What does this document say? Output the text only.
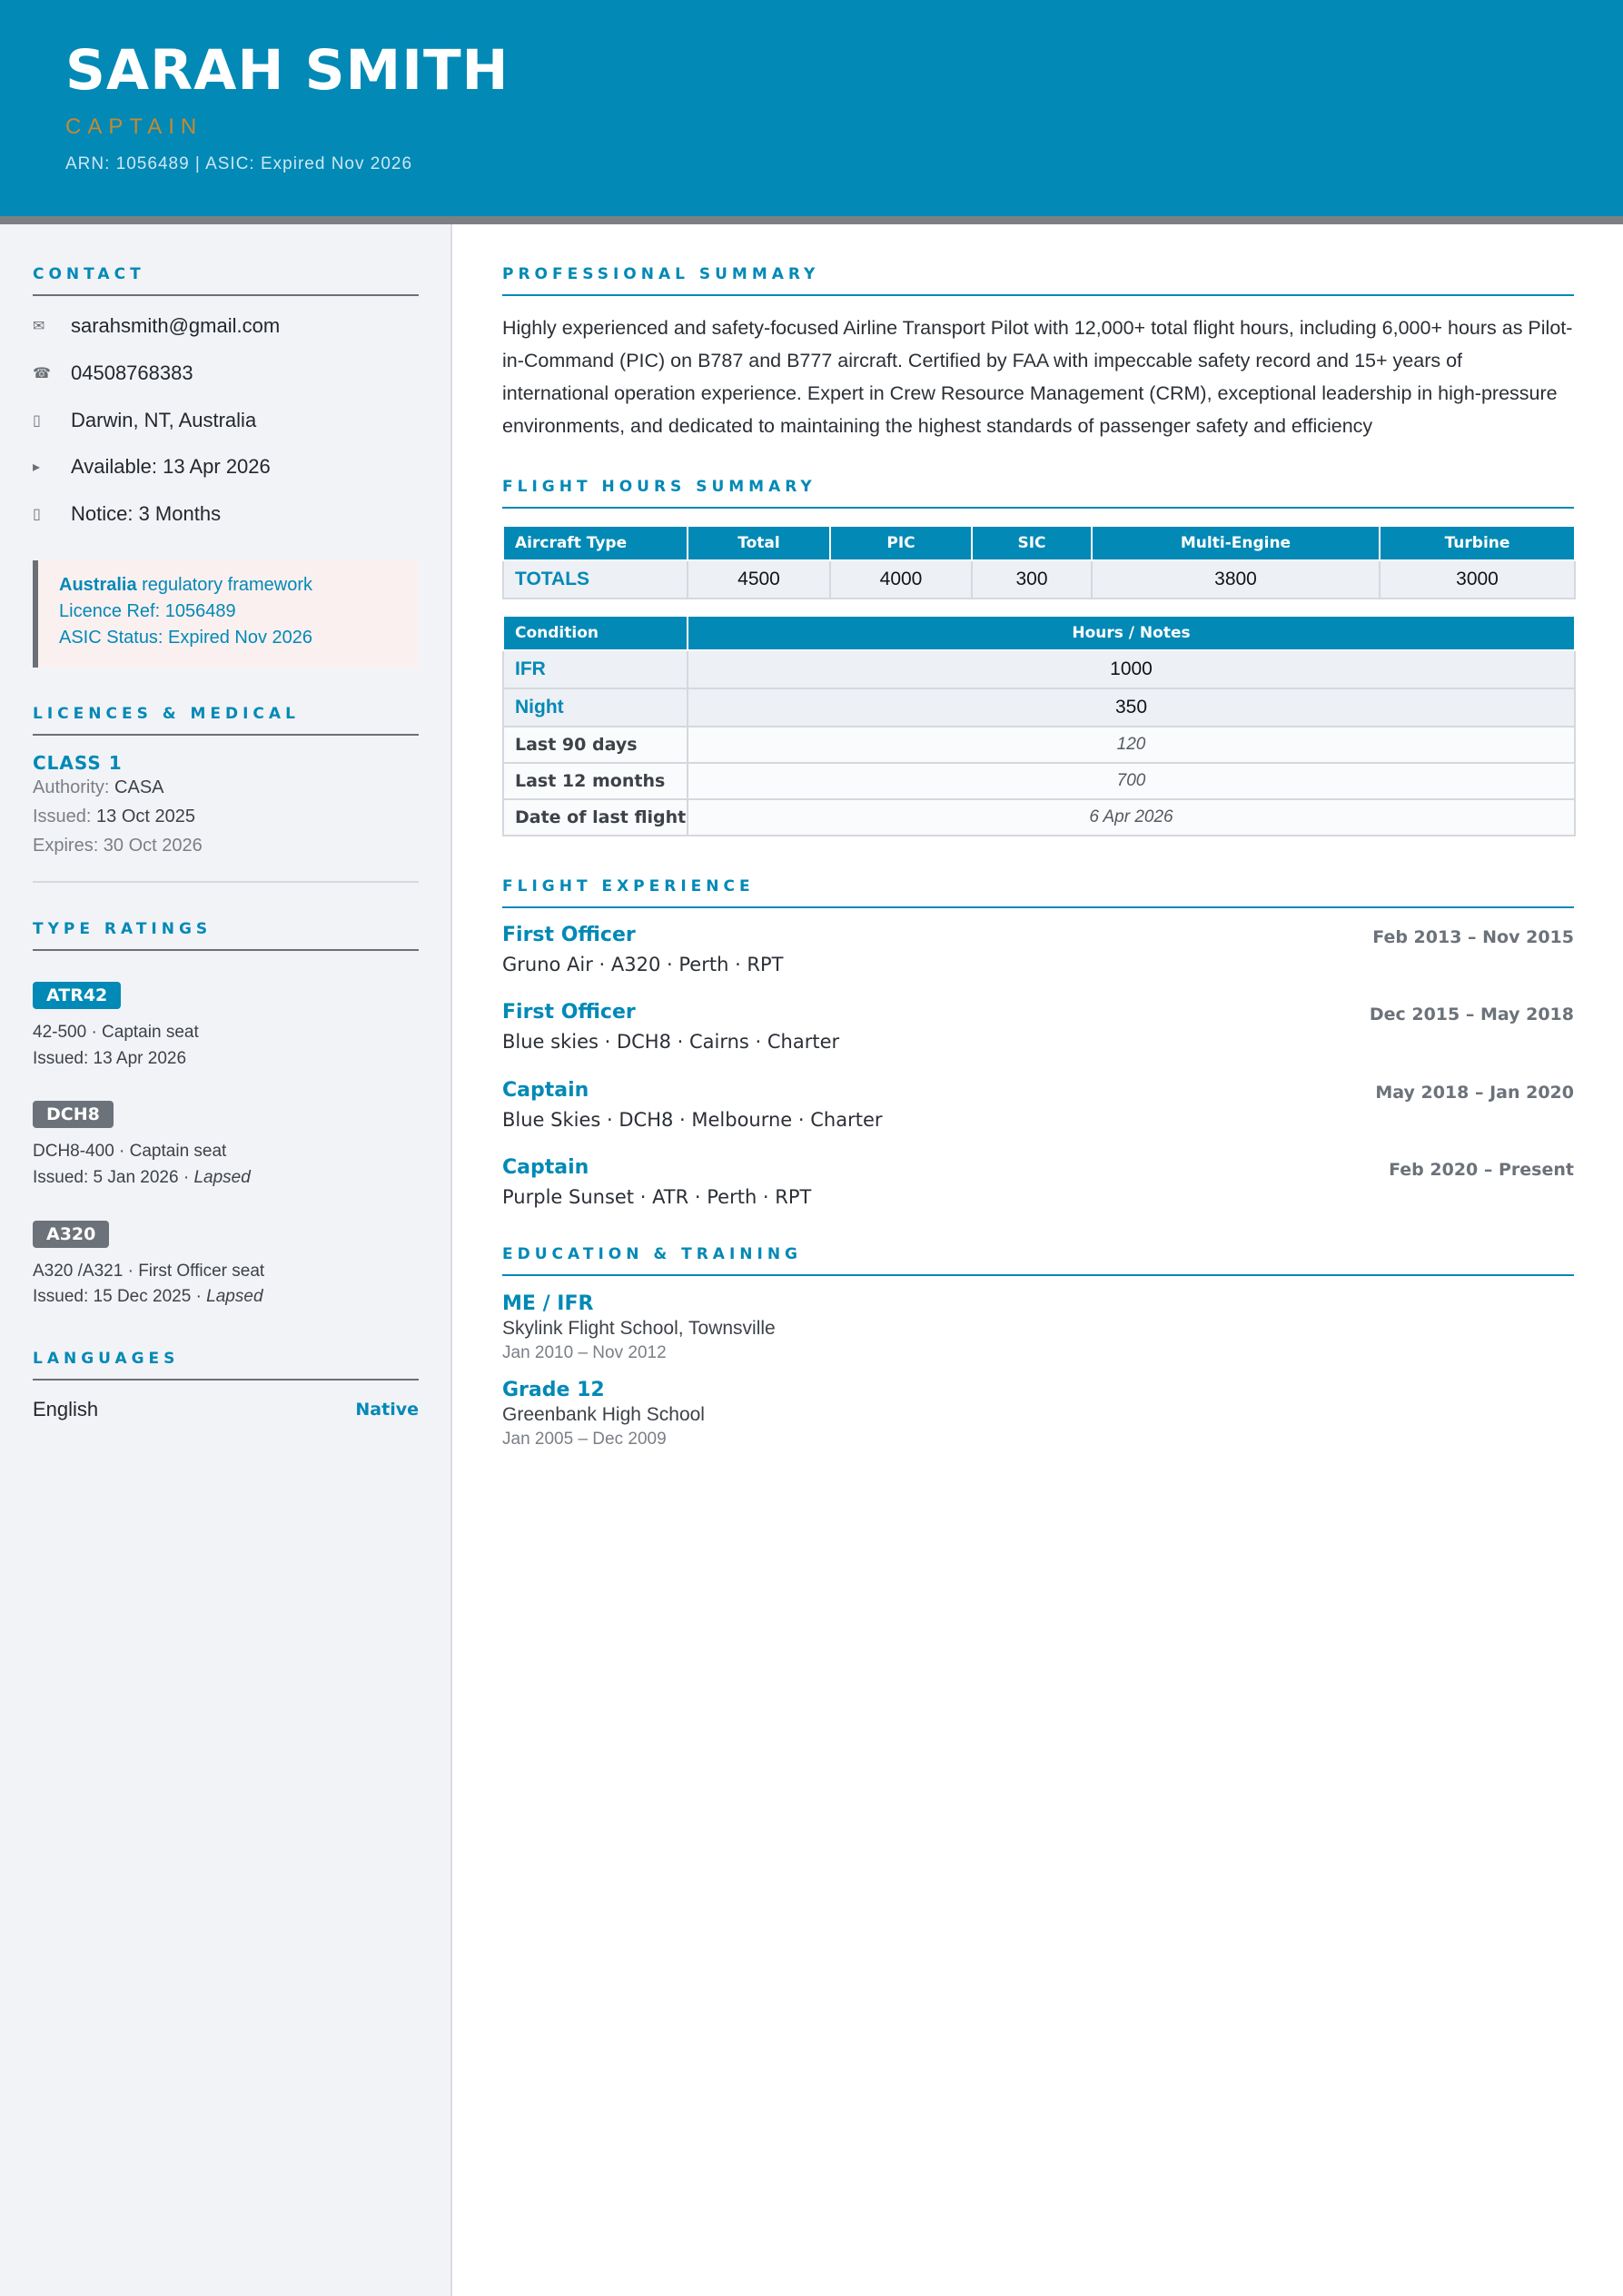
SARAH SMITH
CAPTAIN
ARN: 1056489 | ASIC: Expired Nov 2026
CONTACT
✉	sarahsmith@gmail.com
☎	04508768383
▯	Darwin, NT, Australia
▸	Available: 13 Apr 2026
▯	Notice: 3 Months
Australia regulatory framework
Licence Ref: 1056489
ASIC Status: Expired Nov 2026
LICENCES & MEDICAL
CLASS 1
Authority: CASA
Issued: 13 Oct 2025
Expires: 30 Oct 2026
TYPE RATINGS
ATR42
42-500 · Captain seat
Issued: 13 Apr 2026
DCH8
DCH8-400 · Captain seat
Issued: 5 Jan 2026 · Lapsed
A320
A320 /A321 · First Officer seat
Issued: 15 Dec 2025 · Lapsed
LANGUAGES
English	Native
PROFESSIONAL SUMMARY
Highly experienced and safety-focused Airline Transport Pilot with 12,000+ total flight hours, including 6,000+ hours as Pilot-in-Command (PIC) on B787 and B777 aircraft. Certified by FAA with impeccable safety record and 15+ years of international operation experience. Expert in Crew Resource Management (CRM), exceptional leadership in high-pressure environments, and dedicated to maintaining the highest standards of passenger safety and efficiency
FLIGHT HOURS SUMMARY
Aircraft Type	Total	PIC	SIC	Multi-Engine	Turbine
TOTALS	4500	4000	300	3800	3000
Condition	Hours / Notes
IFR	1000
Night	350
Last 90 days	120
Last 12 months	700
Date of last flight	6 Apr 2026
FLIGHT EXPERIENCE
First Officer	Feb 2013 – Nov 2015
Gruno Air · A320 · Perth · RPT
First Officer	Dec 2015 – May 2018
Blue skies · DCH8 · Cairns · Charter
Captain	May 2018 – Jan 2020
Blue Skies · DCH8 · Melbourne · Charter
Captain	Feb 2020 – Present
Purple Sunset · ATR · Perth · RPT
EDUCATION & TRAINING
ME / IFR
Skylink Flight School, Townsville
Jan 2010 – Nov 2012
Grade 12
Greenbank High School
Jan 2005 – Dec 2009
